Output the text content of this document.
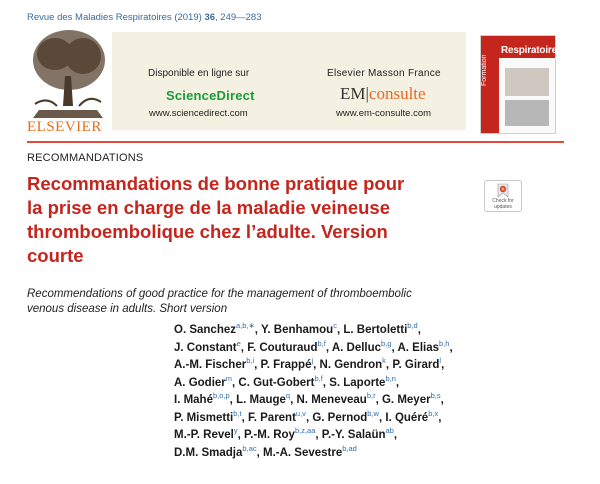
Revue des Maladies Respiratoires (2019) 36, 249—283
ELSEVIER
Disponible en ligne sur
ScienceDirect
www.sciencedirect.com
Elsevier Masson France
EM|consulte
www.em-consulte.com
Respiratoires
Formation
RECOMMANDATIONS
Recommandations de bonne pratique pour
la prise en charge de la maladie veineuse
thromboembolique chez l’adulte. Version
courte
Check for
updates
Recommendations of good practice for the management of thromboembolic
venous disease in adults. Short version
O. Sanchez$^{a,b,∗}$, Y. Benhamou$^c$, L. Bertoletti$^{b,d}$,
J. Constant$^e$, F. Couturaud$^{b,f}$, A. Delluc$^{b,g}$, A. Elias$^{b,h}$,
A.-M. Fischer$^{b,i}$, P. Frappé$^j$, N. Gendron$^k$, P. Girard$^l$,
A. Godier$^m$, C. Gut-Gobert$^{b,f}$, S. Laporte$^{b,n}$,
I. Mahé$^{b,o,p}$, L. Mauge$^q$, N. Meneveau$^{b,r}$, G. Meyer$^{b,s}$,
P. Mismetti$^{b,t}$, F. Parent$^{u,v}$, G. Pernod$^{b,w}$, I. Quéré$^{b,x}$,
M.-P. Revel$^y$, P.-M. Roy$^{b,z,aa}$, P.-Y. Salaün$^{ab}$,
D.M. Smadja$^{b,ac}$, M.-A. Sevestre$^{b,ad}$
